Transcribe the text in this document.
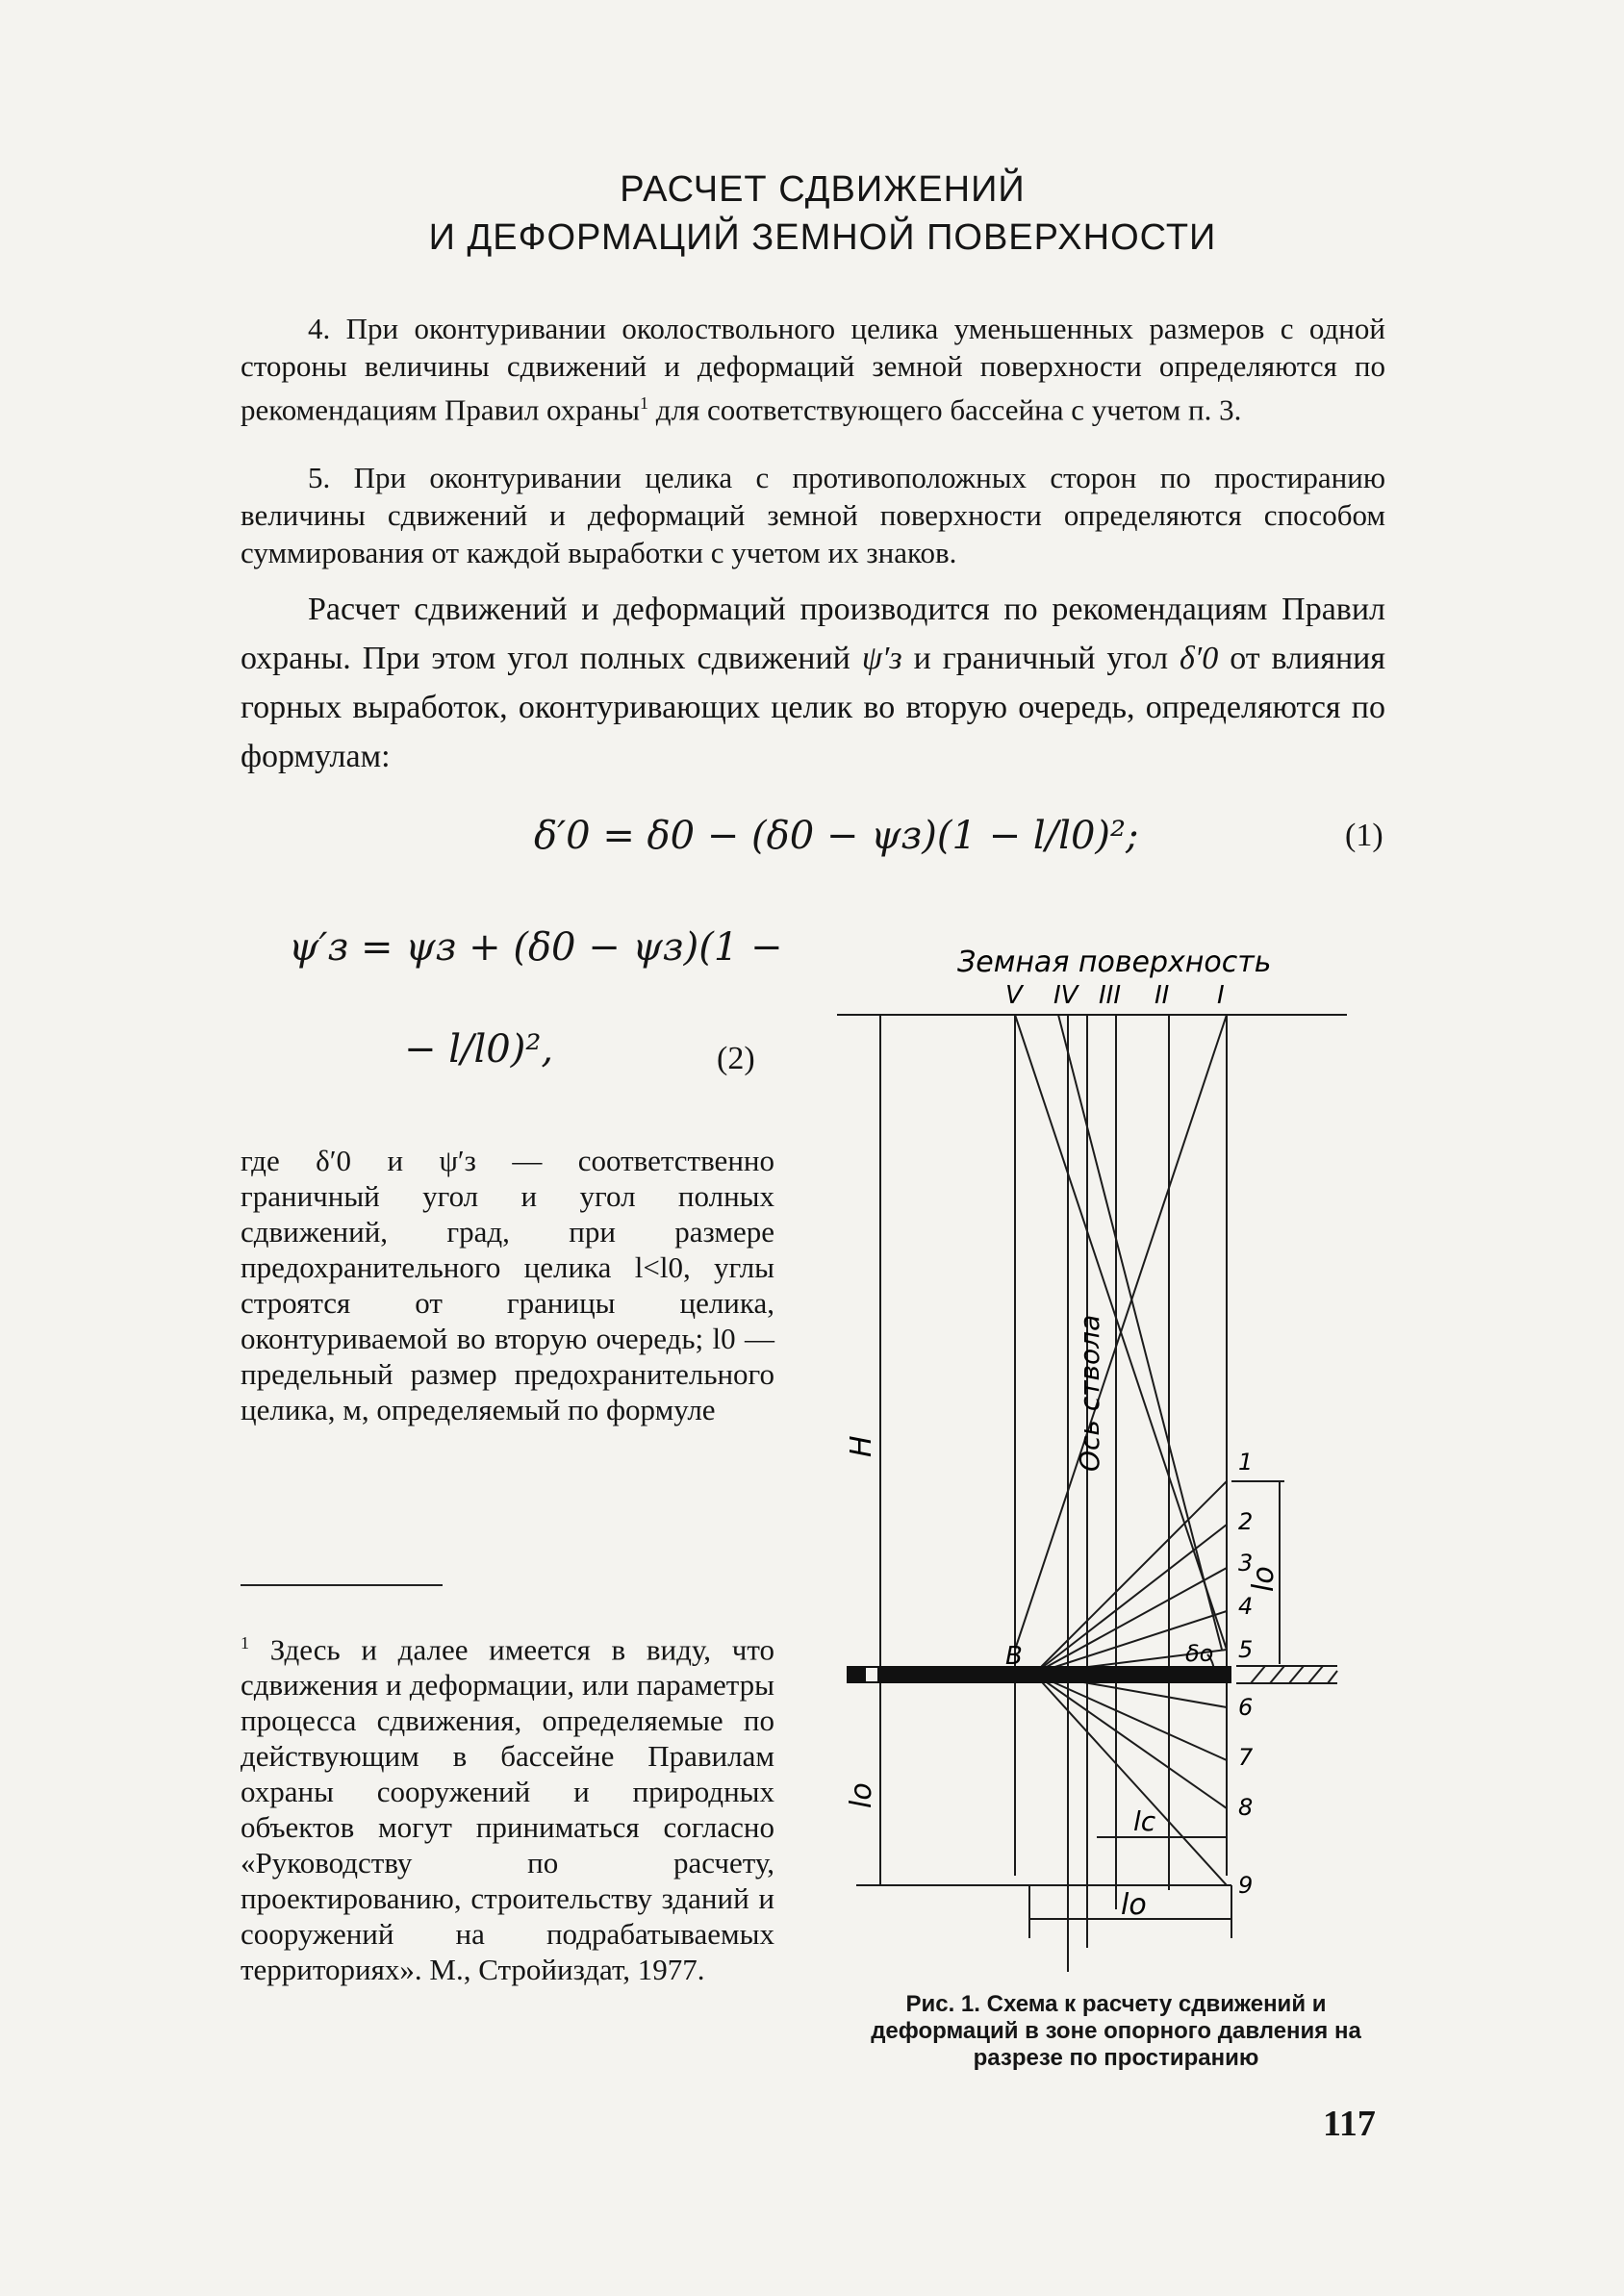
РАСЧЕТ СДВИЖЕНИЙ
И ДЕФОРМАЦИЙ ЗЕМНОЙ ПОВЕРХНОСТИ
4. При оконтуривании околоствольного целика уменьшенных размеров с одной стороны величины сдвижений и деформаций земной поверхности определяются по рекомендациям Правил охраны$^1$ для соответствующего бассейна с учетом п. 3.
5. При оконтуривании целика с противоположных сторон по простиранию величины сдвижений и деформаций земной поверхности определяются способом суммирования от каждой выработки с учетом их знаков.
Расчет сдвижений и деформаций производится по рекомендациям Правил охраны. При этом угол полных сдвижений ψ′з и граничный угол δ′0 от влияния горных выработок, оконтуривающих целик во вторую очередь, определяются по формулам:
δ′0 = δ0 − (δ0 − ψз)(1 − l/l0)²;	(1)
ψ′з = ψз + (δ0 − ψз)(1 −
− l/l0)²,	(2)
где δ′0 и ψ′з — соответственно граничный угол и угол полных сдвижений, град, при размере предохранительного целика l<l0, углы строятся от границы целика, оконтуриваемой во вторую очередь; l0 — предельный размер предохранительного целика, м, определяемый по формуле
$^1$ Здесь и далее имеется в виду, что сдвижения и деформации, или параметры процесса сдвижения, определяемые по действующим в бассейне Правилам охраны сооружений и природных объектов могут приниматься согласно «Руководству по расчету, проектированию, строительству зданий и сооружений на подрабатываемых территориях». М., Стройиздат, 1977.
Земная поверхность
V IV III II I
Ось ствола
H
lo
lo
lc
lo
B	δo
1
2
3
4
5
6
7
8
9
Рис. 1. Схема к расчету сдвижений и деформаций в зоне опорного давления на разрезе по простиранию
117
